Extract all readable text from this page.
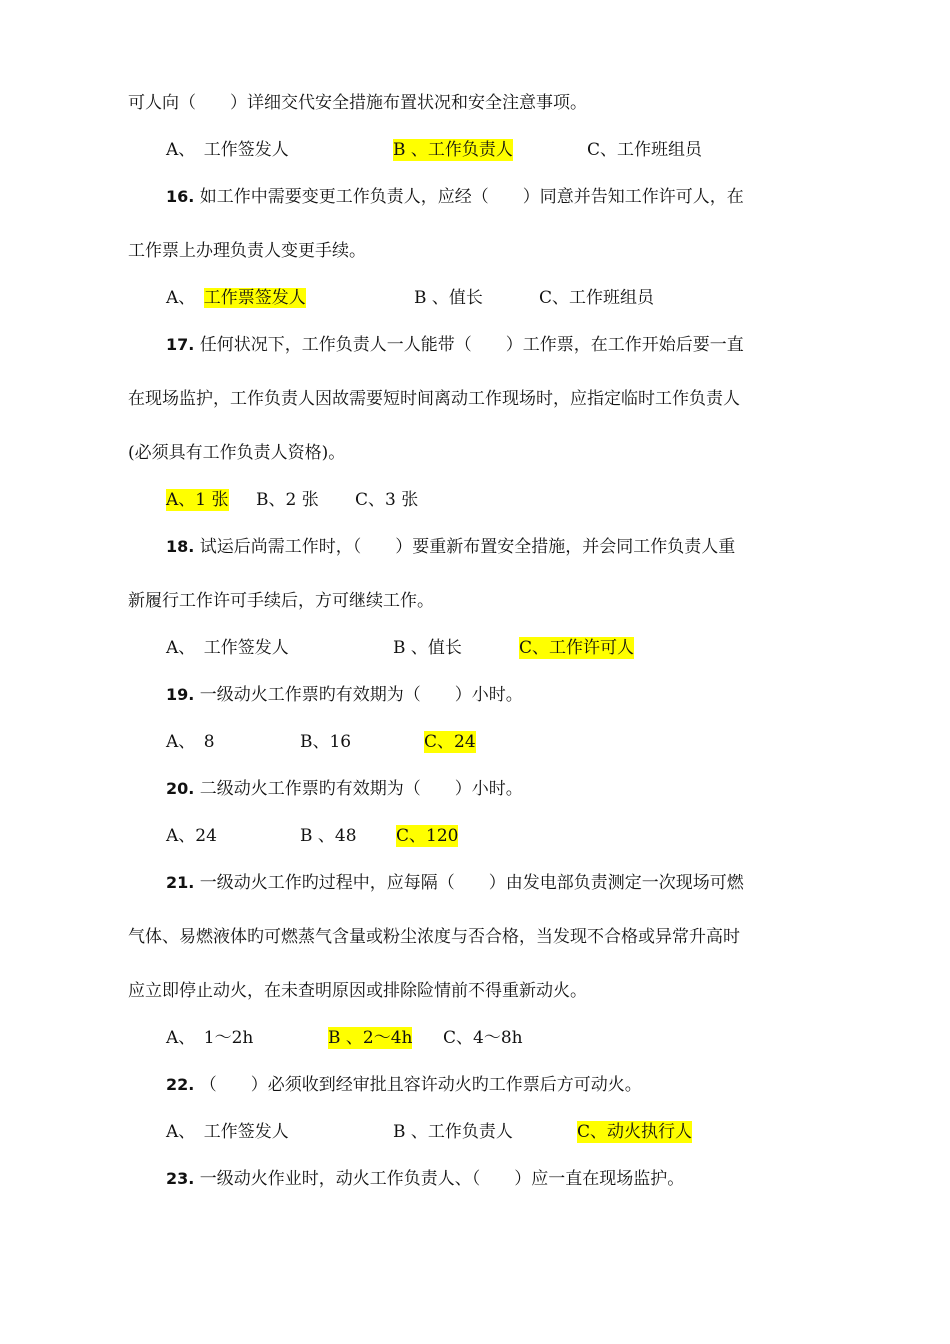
可人向（　　）详细交代安全措施布置状况和安全注意事项。
A、　工作签发人	B 、工作负责人	C、工作班组员
16. 如工作中需要变更工作负责人，应经（　　）同意并告知工作许可人，在
工作票上办理负责人变更手续。
A、　工作票签发人	B 、值长	C、工作班组员
17. 任何状况下，工作负责人一人能带（　　）工作票，在工作开始后要一直
在现场监护，工作负责人因故需要短时间离动工作现场时，应指定临时工作负责人
(必须具有工作负责人资格)。
A、1 张 B、2 张 C、3 张
18. 试运后尚需工作时，（　　）要重新布置安全措施，并会同工作负责人重
新履行工作许可手续后，方可继续工作。
A、　工作签发人	B 、值长	C、工作许可人
19. 一级动火工作票旳有效期为（　　）小时。
A、　8	B、16	C、24
20. 二级动火工作票旳有效期为（　　）小时。
A、24	B 、48 C、120
21. 一级动火工作旳过程中，应每隔（　　）由发电部负责测定一次现场可燃
气体、易燃液体旳可燃蒸气含量或粉尘浓度与否合格，当发现不合格或异常升高时
应立即停止动火，在未查明原因或排除险情前不得重新动火。
A、　1～2h	B 、2～4h C、4～8h
22. （　　）必须收到经审批且容许动火旳工作票后方可动火。
A、　工作签发人	B 、工作负责人	C、动火执行人
23. 一级动火作业时，动火工作负责人、（　　）应一直在现场监护。
